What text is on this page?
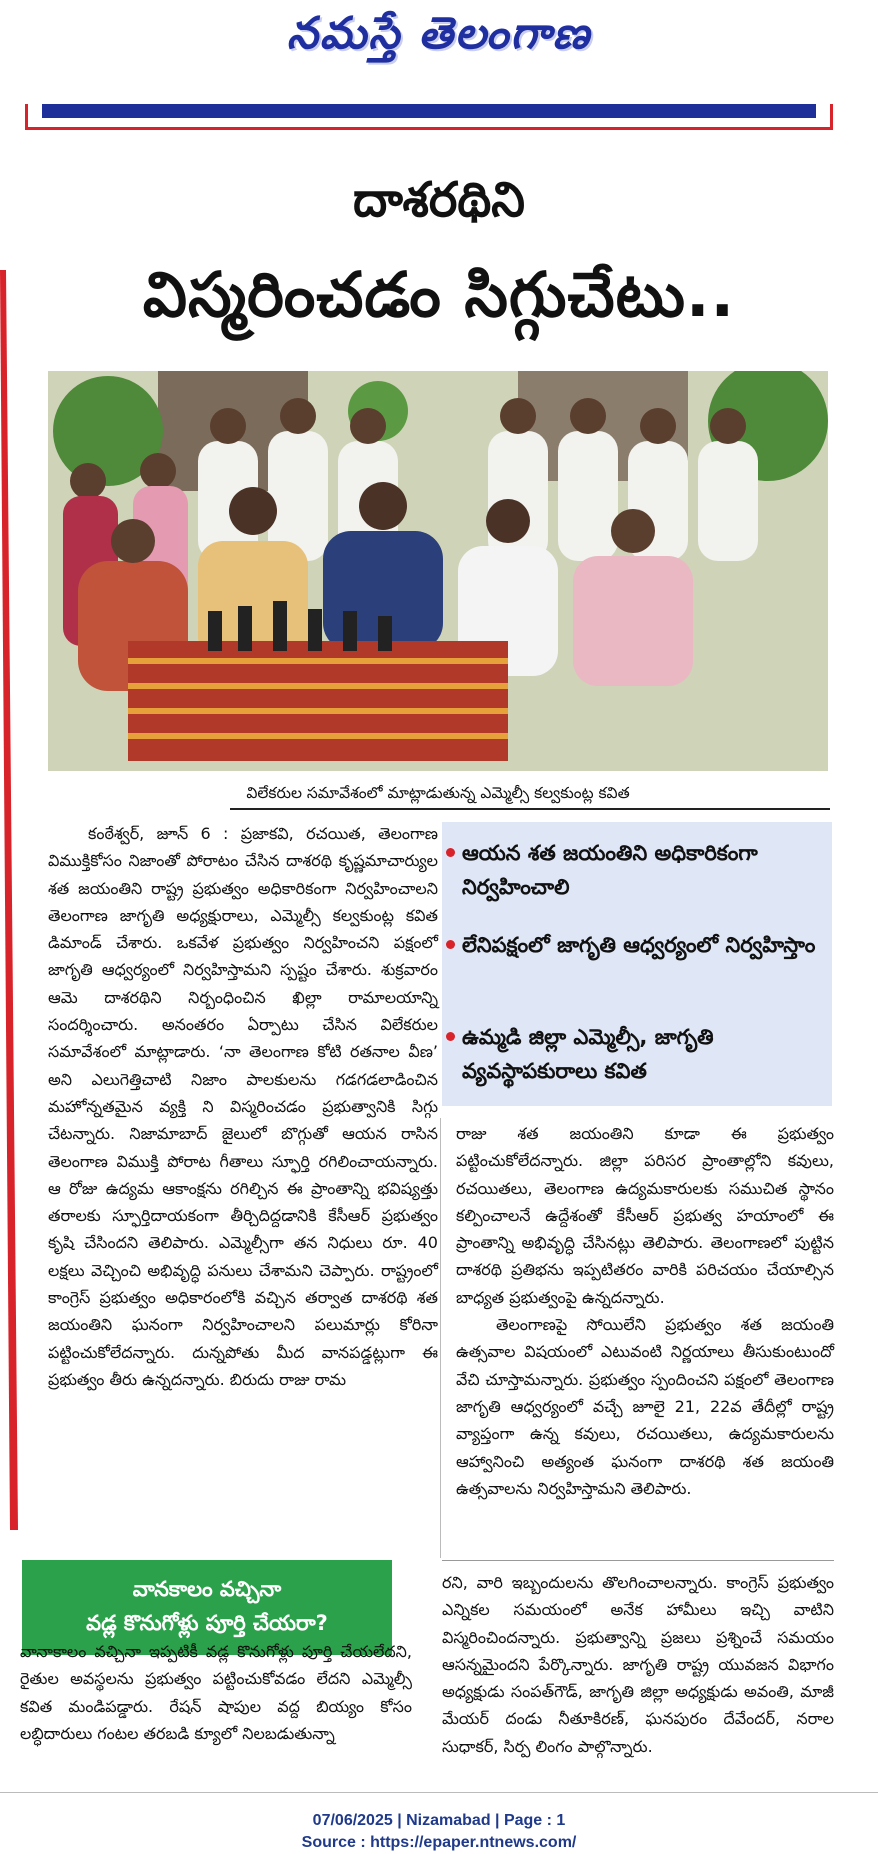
నమస్తే తెలంగాణ
దాశరథిని
విస్మరించడం సిగ్గుచేటు..
విలేకరుల సమావేశంలో మాట్లాడుతున్న ఎమ్మెల్సీ కల్వకుంట్ల కవిత
ఆయన శత జయంతిని అధికారికంగా నిర్వహించాలి
లేనిపక్షంలో జాగృతి ఆధ్వర్యంలో నిర్వహిస్తాం
ఉమ్మడి జిల్లా ఎమ్మెల్సీ, జాగృతి వ్యవస్థాపకురాలు కవిత

కంఠేశ్వర్, జూన్ 6 : ప్రజాకవి, రచయిత, తెలంగాణ విముక్తికోసం నిజాంతో పోరాటం చేసిన దాశరథి కృష్ణమాచార్యుల శత జయంతిని రాష్ట్ర ప్రభుత్వం అధికారికంగా నిర్వహించాలని తెలంగాణ జాగృతి అధ్యక్షురాలు, ఎమ్మెల్సీ కల్వకుంట్ల కవిత డిమాండ్ చేశారు. ఒకవేళ ప్రభుత్వం నిర్వహించని పక్షంలో జాగృతి ఆధ్వర్యంలో నిర్వహిస్తామని స్పష్టం చేశారు. శుక్రవారం ఆమె దాశరథిని నిర్బంధించిన ఖిల్లా రామాలయాన్ని సందర్శించారు. అనంతరం ఏర్పాటు చేసిన విలేకరుల సమావేశంలో మాట్లాడారు. ‘నా తెలంగాణ కోటి రతనాల వీణ’ అని ఎలుగెత్తిచాటి నిజాం పాలకులను గడగడలాడించిన మహోన్నతమైన వ్యక్తి ని విస్మరించడం ప్రభుత్వానికి సిగ్గు చేటన్నారు. నిజామాబాద్ జైలులో బొగ్గుతో ఆయన రాసిన తెలంగాణ విముక్తి పోరాట గీతాలు స్ఫూర్తి రగిలించాయన్నారు. ఆ రోజు ఉద్యమ ఆకాంక్షను రగిల్చిన ఈ ప్రాంతాన్ని భవిష్యత్తు తరాలకు స్ఫూర్తిదాయకంగా తీర్చిదిద్దడానికి కేసీఆర్ ప్రభుత్వం కృషి చేసిందని తెలిపారు. ఎమ్మెల్సీగా తన నిధులు రూ. 40 లక్షలు వెచ్చించి అభివృద్ధి పనులు చేశామని చెప్పారు. రాష్ట్రంలో కాంగ్రెస్ ప్రభుత్వం అధికారంలోకి వచ్చిన తర్వాత దాశరథి శత జయంతిని ఘనంగా నిర్వహించాలని పలుమార్లు కోరినా పట్టించుకోలేదన్నారు. దున్నపోతు మీద వానపడ్డట్లుగా ఈ ప్రభుత్వం తీరు ఉన్నదన్నారు. బిరుదు రాజు రామ

రాజు శత జయంతిని కూడా ఈ ప్రభుత్వం పట్టించుకోలేదన్నారు. జిల్లా పరిసర ప్రాంతాల్లోని కవులు, రచయితలు, తెలంగాణ ఉద్యమకారులకు సముచిత స్థానం కల్పించాలనే ఉద్దేశంతో కేసీఆర్ ప్రభుత్వ హయాంలో ఈ ప్రాంతాన్ని అభివృద్ధి చేసినట్లు తెలిపారు. తెలంగాణలో పుట్టిన దాశరథి ప్రతిభను ఇప్పటితరం వారికి పరిచయం చేయాల్సిన బాధ్యత ప్రభుత్వంపై ఉన్నదన్నారు.

తెలంగాణపై సోయిలేని ప్రభుత్వం శత జయంతి ఉత్సవాల విషయంలో ఎటువంటి నిర్ణయాలు తీసుకుంటుందో వేచి చూస్తామన్నారు. ప్రభుత్వం స్పందించని పక్షంలో తెలంగాణ జాగృతి ఆధ్వర్యంలో వచ్చే జూలై 21, 22వ తేదీల్లో రాష్ట్ర వ్యాప్తంగా ఉన్న కవులు, రచయితలు, ఉద్యమకారులను ఆహ్వానించి అత్యంత ఘనంగా దాశరథి శత జయంతి ఉత్సవాలను నిర్వహిస్తామని తెలిపారు.

వానకాలం వచ్చినా
వడ్ల కొనుగోళ్లు పూర్తి చేయరా?

రని, వారి ఇబ్బందులను తొలగించాలన్నారు. కాంగ్రెస్ ప్రభుత్వం ఎన్నికల సమయంలో అనేక హామీలు ఇచ్చి వాటిని విస్మరించిందన్నారు. ప్రభుత్వాన్ని ప్రజలు ప్రశ్నించే సమయం ఆసన్నమైందని పేర్కొన్నారు. జాగృతి రాష్ట్ర యువజన విభాగం అధ్యక్షుడు సంపత్‌గౌడ్, జాగృతి జిల్లా అధ్యక్షుడు అవంతి, మాజీ మేయర్ దండు నీతూకిరణ్, ఘనపురం దేవేందర్, నరాల సుధాకర్, సిర్ప లింగం పాల్గొన్నారు.

వానాకాలం వచ్చినా ఇప్పటికీ వడ్ల కొనుగోళ్లు పూర్తి చేయలేదని, రైతుల అవస్థలను ప్రభుత్వం పట్టించుకోవడం లేదని ఎమ్మెల్సీ కవిత మండిపడ్డారు. రేషన్ షాపుల వద్ద బియ్యం కోసం లబ్ధిదారులు గంటల తరబడి క్యూలో నిలబడుతున్నా

07/06/2025 | Nizamabad | Page : 1
Source : https://epaper.ntnews.com/
